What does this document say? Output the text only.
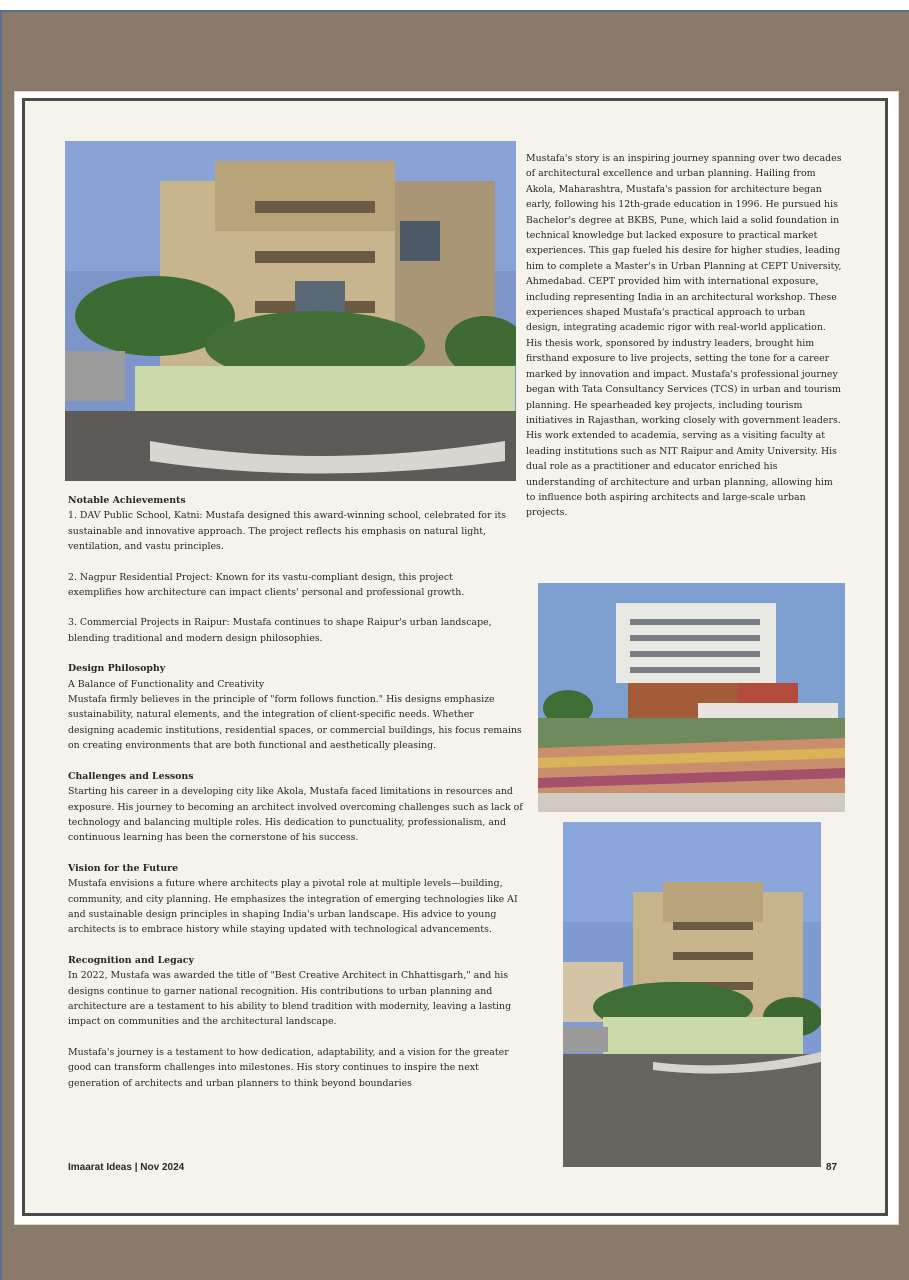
Mustafa's story is an inspiring journey spanning over two decades of architectural excellence and urban planning. Hailing from Akola, Maharashtra, Mustafa's passion for architecture began early, following his 12th-grade education in 1996. He pursued his Bachelor's degree at BKBS, Pune, which laid a solid foundation in technical knowledge but lacked exposure to practical market experiences. This gap fueled his desire for higher studies, leading him to complete a Master's in Urban Planning at CEPT University, Ahmedabad. CEPT provided him with international exposure, including representing India in an architectural workshop. These experiences shaped Mustafa's practical approach to urban design, integrating academic rigor with real-world application. His thesis work, sponsored by industry leaders, brought him firsthand exposure to live projects, setting the tone for a career marked by innovation and impact. Mustafa's professional journey began with Tata Consultancy Services (TCS) in urban and tourism planning. He spearheaded key projects, including tourism initiatives in Rajasthan, working closely with government leaders. His work extended to academia, serving as a visiting faculty at leading institutions such as NIT Raipur and Amity University. His dual role as a practitioner and educator enriched his understanding of architecture and urban planning, allowing him to influence both aspiring architects and large-scale urban projects.

Notable Achievements

1. DAV Public School, Katni: Mustafa designed this award-winning school, celebrated for its sustainable and innovative approach. The project reflects his emphasis on natural light, ventilation, and vastu principles.

2. Nagpur Residential Project: Known for its vastu-compliant design, this project exemplifies how architecture can impact clients' personal and professional growth.

3. Commercial Projects in Raipur: Mustafa continues to shape Raipur's urban landscape, blending traditional and modern design philosophies.

Design Philosophy

A Balance of Functionality and Creativity

Mustafa firmly believes in the principle of "form follows function." His designs emphasize sustainability, natural elements, and the integration of client-specific needs. Whether designing academic institutions, residential spaces, or commercial buildings, his focus remains on creating environments that are both functional and aesthetically pleasing.

Challenges and Lessons

Starting his career in a developing city like Akola, Mustafa faced limitations in resources and exposure. His journey to becoming an architect involved overcoming challenges such as lack of technology and balancing multiple roles. His dedication to punctuality, professionalism, and continuous learning has been the cornerstone of his success.

Vision for the Future

Mustafa envisions a future where architects play a pivotal role at multiple levels—building, community, and city planning. He emphasizes the integration of emerging technologies like AI and sustainable design principles in shaping India's urban landscape. His advice to young architects is to embrace history while staying updated with technological advancements.

Recognition and Legacy

In 2022, Mustafa was awarded the title of "Best Creative Architect in Chhattisgarh," and his designs continue to garner national recognition. His contributions to urban planning and architecture are a testament to his ability to blend tradition with modernity, leaving a lasting impact on communities and the architectural landscape.

Mustafa's journey is a testament to how dedication, adaptability, and a vision for the greater good can transform challenges into milestones. His story continues to inspire the next generation of architects and urban planners to think beyond boundaries

Imaarat Ideas | Nov 2024	87
